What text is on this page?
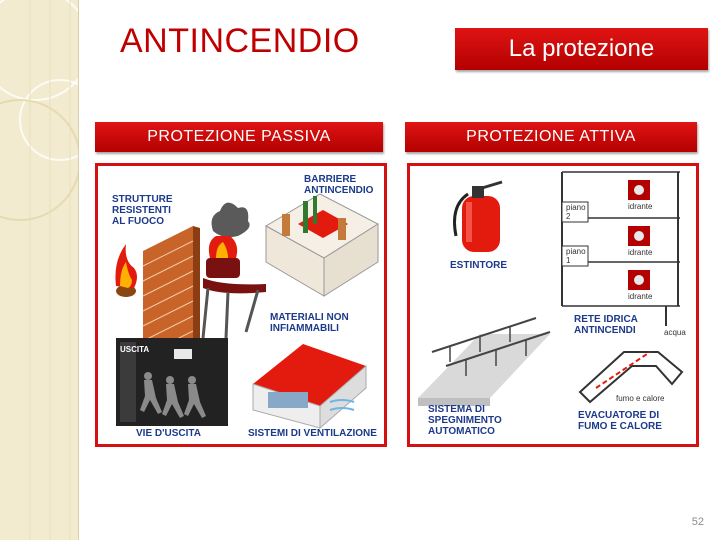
ANTINCENDIO	La protezione
PROTEZIONE PASSIVA	PROTEZIONE ATTIVA
BARRIERE
ANTINCENDIO
STRUTTURE
RESISTENTI
AL FUOCO
MATERIALI NON
INFIAMMABILI
USCITA
VIE D'USCITA	SISTEMI DI VENTILAZIONE
ESTINTORE
piano
2
piano
1
idrante
idrante
idrante
RETE IDRICA
ANTINCENDI	acqua
SISTEMA DI
SPEGNIMENTO
AUTOMATICO
fumo e calore
EVACUATORE DI
FUMO E CALORE
52
